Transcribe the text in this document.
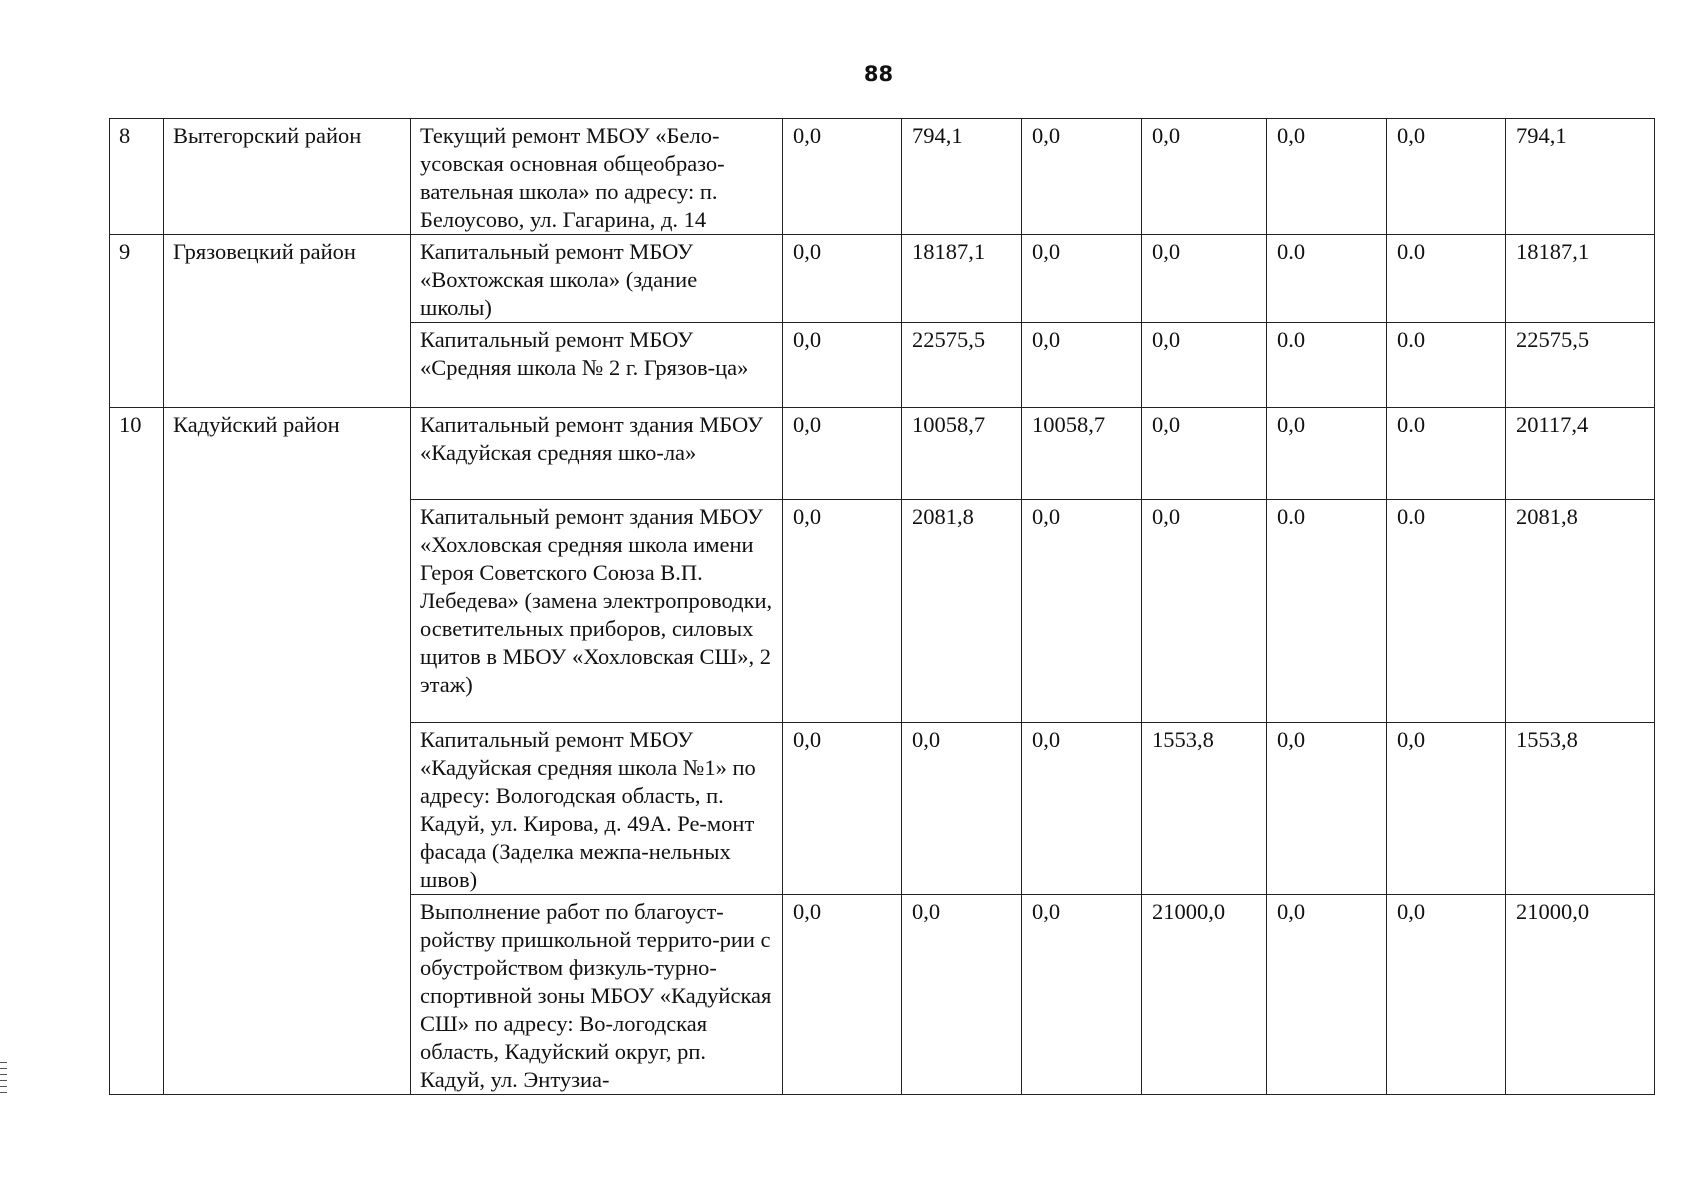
88
8	Вытегорский район	Текущий ремонт МБОУ «Бело-усовская основная общеобразо-вательная школа» по адресу: п. Белоусово, ул. Гагарина, д. 14	0,0	794,1	0,0	0,0	0,0	0,0	794,1
9	Грязовецкий район	Капитальный ремонт МБОУ «Вохтожская школа» (здание школы)	0,0	18187,1	0,0	0,0	0.0	0.0	18187,1
		Капитальный ремонт МБОУ «Средняя школа № 2 г. Грязов-ца»	0,0	22575,5	0,0	0,0	0.0	0.0	22575,5
10	Кадуйский район	Капитальный ремонт здания МБОУ «Кадуйская средняя шко-ла»	0,0	10058,7	10058,7	0,0	0,0	0.0	20117,4
		Капитальный ремонт здания МБОУ «Хохловская средняя школа имени Героя Советского Союза В.П. Лебедева» (замена электропроводки, осветительных приборов, силовых щитов в МБОУ «Хохловская СШ», 2 этаж)	0,0	2081,8	0,0	0,0	0.0	0.0	2081,8
		Капитальный ремонт МБОУ «Кадуйская средняя школа №1» по адресу: Вологодская область, п. Кадуй, ул. Кирова, д. 49А. Ре-монт фасада (Заделка межпа-нельных швов)	0,0	0,0	0,0	1553,8	0,0	0,0	1553,8
		Выполнение работ по благоуст-ройству пришкольной террито-рии с обустройством физкуль-турно-спортивной зоны МБОУ «Кадуйская СШ» по адресу: Во-логодская область, Кадуйский округ, рп. Кадуй, ул. Энтузиа-	0,0	0,0	0,0	21000,0	0,0	0,0	21000,0
